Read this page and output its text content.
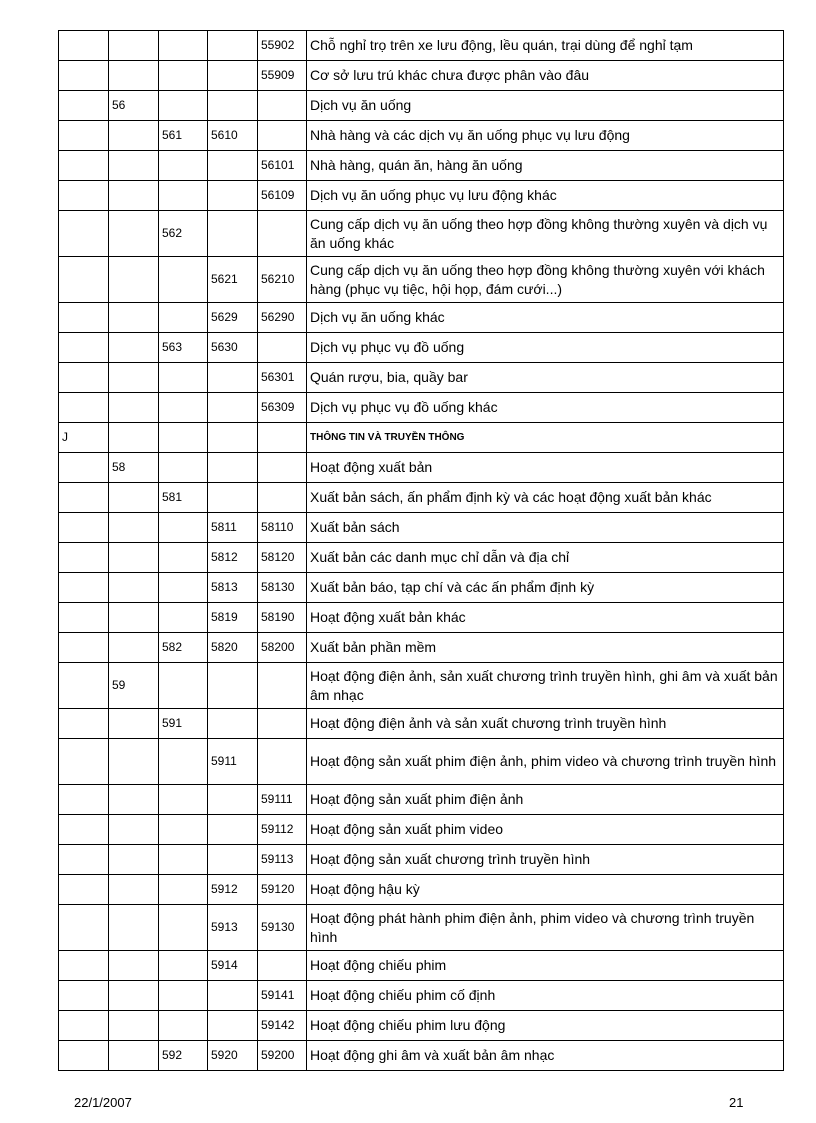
				55902	Chỗ nghỉ trọ trên xe lưu động, lều quán, trại dùng để nghỉ tạm
				55909	Cơ sở lưu trú khác chưa được phân vào đâu
	56				Dịch vụ ăn uống
		561	5610		Nhà hàng và các dịch vụ ăn uống phục vụ lưu động
				56101	Nhà hàng, quán ăn, hàng ăn uống
				56109	Dịch vụ ăn uống phục vụ lưu động khác
		562			Cung cấp dịch vụ ăn uống theo hợp đồng không thường xuyên và dịch vụ ăn uống khác
			5621	56210	Cung cấp dịch vụ ăn uống theo hợp đồng không thường xuyên với khách hàng (phục vụ tiệc, hội họp, đám cưới...)
			5629	56290	Dịch vụ ăn uống khác
		563	5630		Dịch vụ phục vụ đồ uống
				56301	Quán rượu, bia, quầy bar
				56309	Dịch vụ phục vụ đồ uống khác
J					THÔNG TIN VÀ TRUYỀN THÔNG
	58				Hoạt động xuất bản
		581			Xuất bản sách, ấn phẩm định kỳ và các hoạt động xuất bản khác
			5811	58110	Xuất bản sách
			5812	58120	Xuất bản các danh mục chỉ dẫn và địa chỉ
			5813	58130	Xuất bản báo, tạp chí và các ấn phẩm định kỳ
			5819	58190	Hoạt động xuất bản khác
		582	5820	58200	Xuất bản phần mềm
	59				Hoạt động điện ảnh, sản xuất chương trình truyền hình, ghi âm và xuất bản âm nhạc
		591			Hoạt động điện ảnh và sản xuất chương trình truyền hình
			5911		Hoạt động sản xuất phim điện ảnh, phim video và chương trình truyền hình
				59111	Hoạt động sản xuất phim điện ảnh
				59112	Hoạt động sản xuất phim video
				59113	Hoạt động sản xuất chương trình truyền hình
			5912	59120	Hoạt động hậu kỳ
			5913	59130	Hoạt động phát hành phim điện ảnh, phim video và chương trình truyền hình
			5914		Hoạt động chiếu phim
				59141	Hoạt động chiếu phim cố định
				59142	Hoạt động chiếu phim lưu động
		592	5920	59200	Hoạt động ghi âm và xuất bản âm nhạc
22/1/2007	21
